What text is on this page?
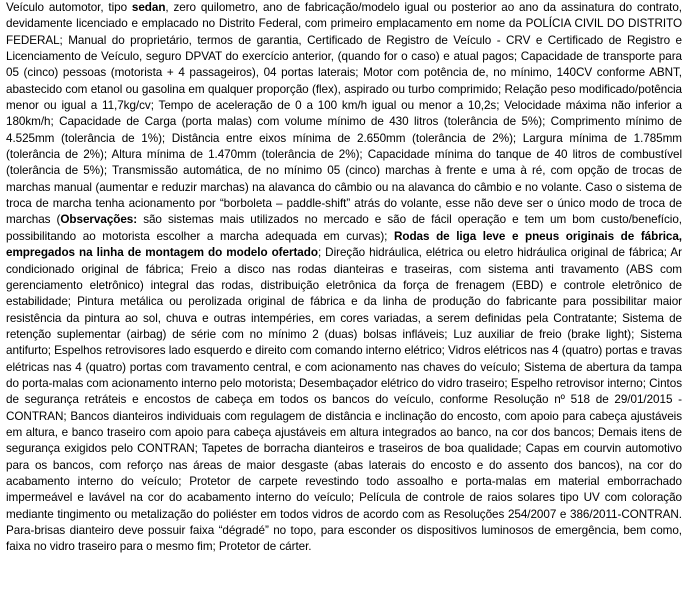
Veículo automotor, tipo sedan, zero quilometro, ano de fabricação/modelo igual ou posterior ao ano da assinatura do contrato, devidamente licenciado e emplacado no Distrito Federal, com primeiro emplacamento em nome da POLÍCIA CIVIL DO DISTRITO FEDERAL; Manual do proprietário, termos de garantia, Certificado de Registro de Veículo - CRV e Certificado de Registro e Licenciamento de Veículo, seguro DPVAT do exercício anterior, (quando for o caso) e atual pagos; Capacidade de transporte para 05 (cinco) pessoas (motorista + 4 passageiros), 04 portas laterais; Motor com potência de, no mínimo, 140CV conforme ABNT, abastecido com etanol ou gasolina em qualquer proporção (flex), aspirado ou turbo comprimido; Relação peso modificado/potência menor ou igual a 11,7kg/cv; Tempo de aceleração de 0 a 100 km/h igual ou menor a 10,2s; Velocidade máxima não inferior a 180km/h; Capacidade de Carga (porta malas) com volume mínimo de 430 litros (tolerância de 5%); Comprimento mínimo de 4.525mm (tolerância de 1%); Distância entre eixos mínima de 2.650mm (tolerância de 2%); Largura mínima de 1.785mm (tolerância de 2%); Altura mínima de 1.470mm (tolerância de 2%); Capacidade mínima do tanque de 40 litros de combustível (tolerância de 5%); Transmissão automática, de no mínimo 05 (cinco) marchas à frente e uma à ré, com opção de trocas de marchas manual (aumentar e reduzir marchas) na alavanca do câmbio ou na alavanca do câmbio e no volante. Caso o sistema de troca de marcha tenha acionamento por “borboleta – paddle-shift” atrás do volante, esse não deve ser o único modo de troca de marchas (Observações: são sistemas mais utilizados no mercado e são de fácil operação e tem um bom custo/benefício, possibilitando ao motorista escolher a marcha adequada em curvas); Rodas de liga leve e pneus originais de fábrica, empregados na linha de montagem do modelo ofertado; Direção hidráulica, elétrica ou eletro hidráulica original de fábrica; Ar condicionado original de fábrica; Freio a disco nas rodas dianteiras e traseiras, com sistema anti travamento (ABS com gerenciamento eletrônico) integral das rodas, distribuição eletrônica da força de frenagem (EBD) e controle eletrônico de estabilidade; Pintura metálica ou perolizada original de fábrica e da linha de produção do fabricante para possibilitar maior resistência da pintura ao sol, chuva e outras intempéries, em cores variadas, a serem definidas pela Contratante; Sistema de retenção suplementar (airbag) de série com no mínimo 2 (duas) bolsas infláveis; Luz auxiliar de freio (brake light); Sistema antifurto; Espelhos retrovisores lado esquerdo e direito com comando interno elétrico; Vidros elétricos nas 4 (quatro) portas e travas elétricas nas 4 (quatro) portas com travamento central, e com acionamento nas chaves do veículo; Sistema de abertura da tampa do porta-malas com acionamento interno pelo motorista; Desembaçador elétrico do vidro traseiro; Espelho retrovisor interno; Cintos de segurança retráteis e encostos de cabeça em todos os bancos do veículo, conforme Resolução nº 518 de 29/01/2015 - CONTRAN; Bancos dianteiros individuais com regulagem de distância e inclinação do encosto, com apoio para cabeça ajustáveis em altura, e banco traseiro com apoio para cabeça ajustáveis em altura integrados ao banco, na cor dos bancos; Demais itens de segurança exigidos pelo CONTRAN; Tapetes de borracha dianteiros e traseiros de boa qualidade; Capas em courvin automotivo para os bancos, com reforço nas áreas de maior desgaste (abas laterais do encosto e do assento dos bancos), na cor do acabamento interno do veículo; Protetor de carpete revestindo todo assoalho e porta-malas em material emborrachado impermeável e lavável na cor do acabamento interno do veículo; Película de controle de raios solares tipo UV com coloração mediante tingimento ou metalização do poliéster em todos vidros de acordo com as Resoluções 254/2007 e 386/2011-CONTRAN. Para-brisas dianteiro deve possuir faixa “dégradé” no topo, para esconder os dispositivos luminosos de emergência, bem como, faixa no vidro traseiro para o mesmo fim; Protetor de cárter.
